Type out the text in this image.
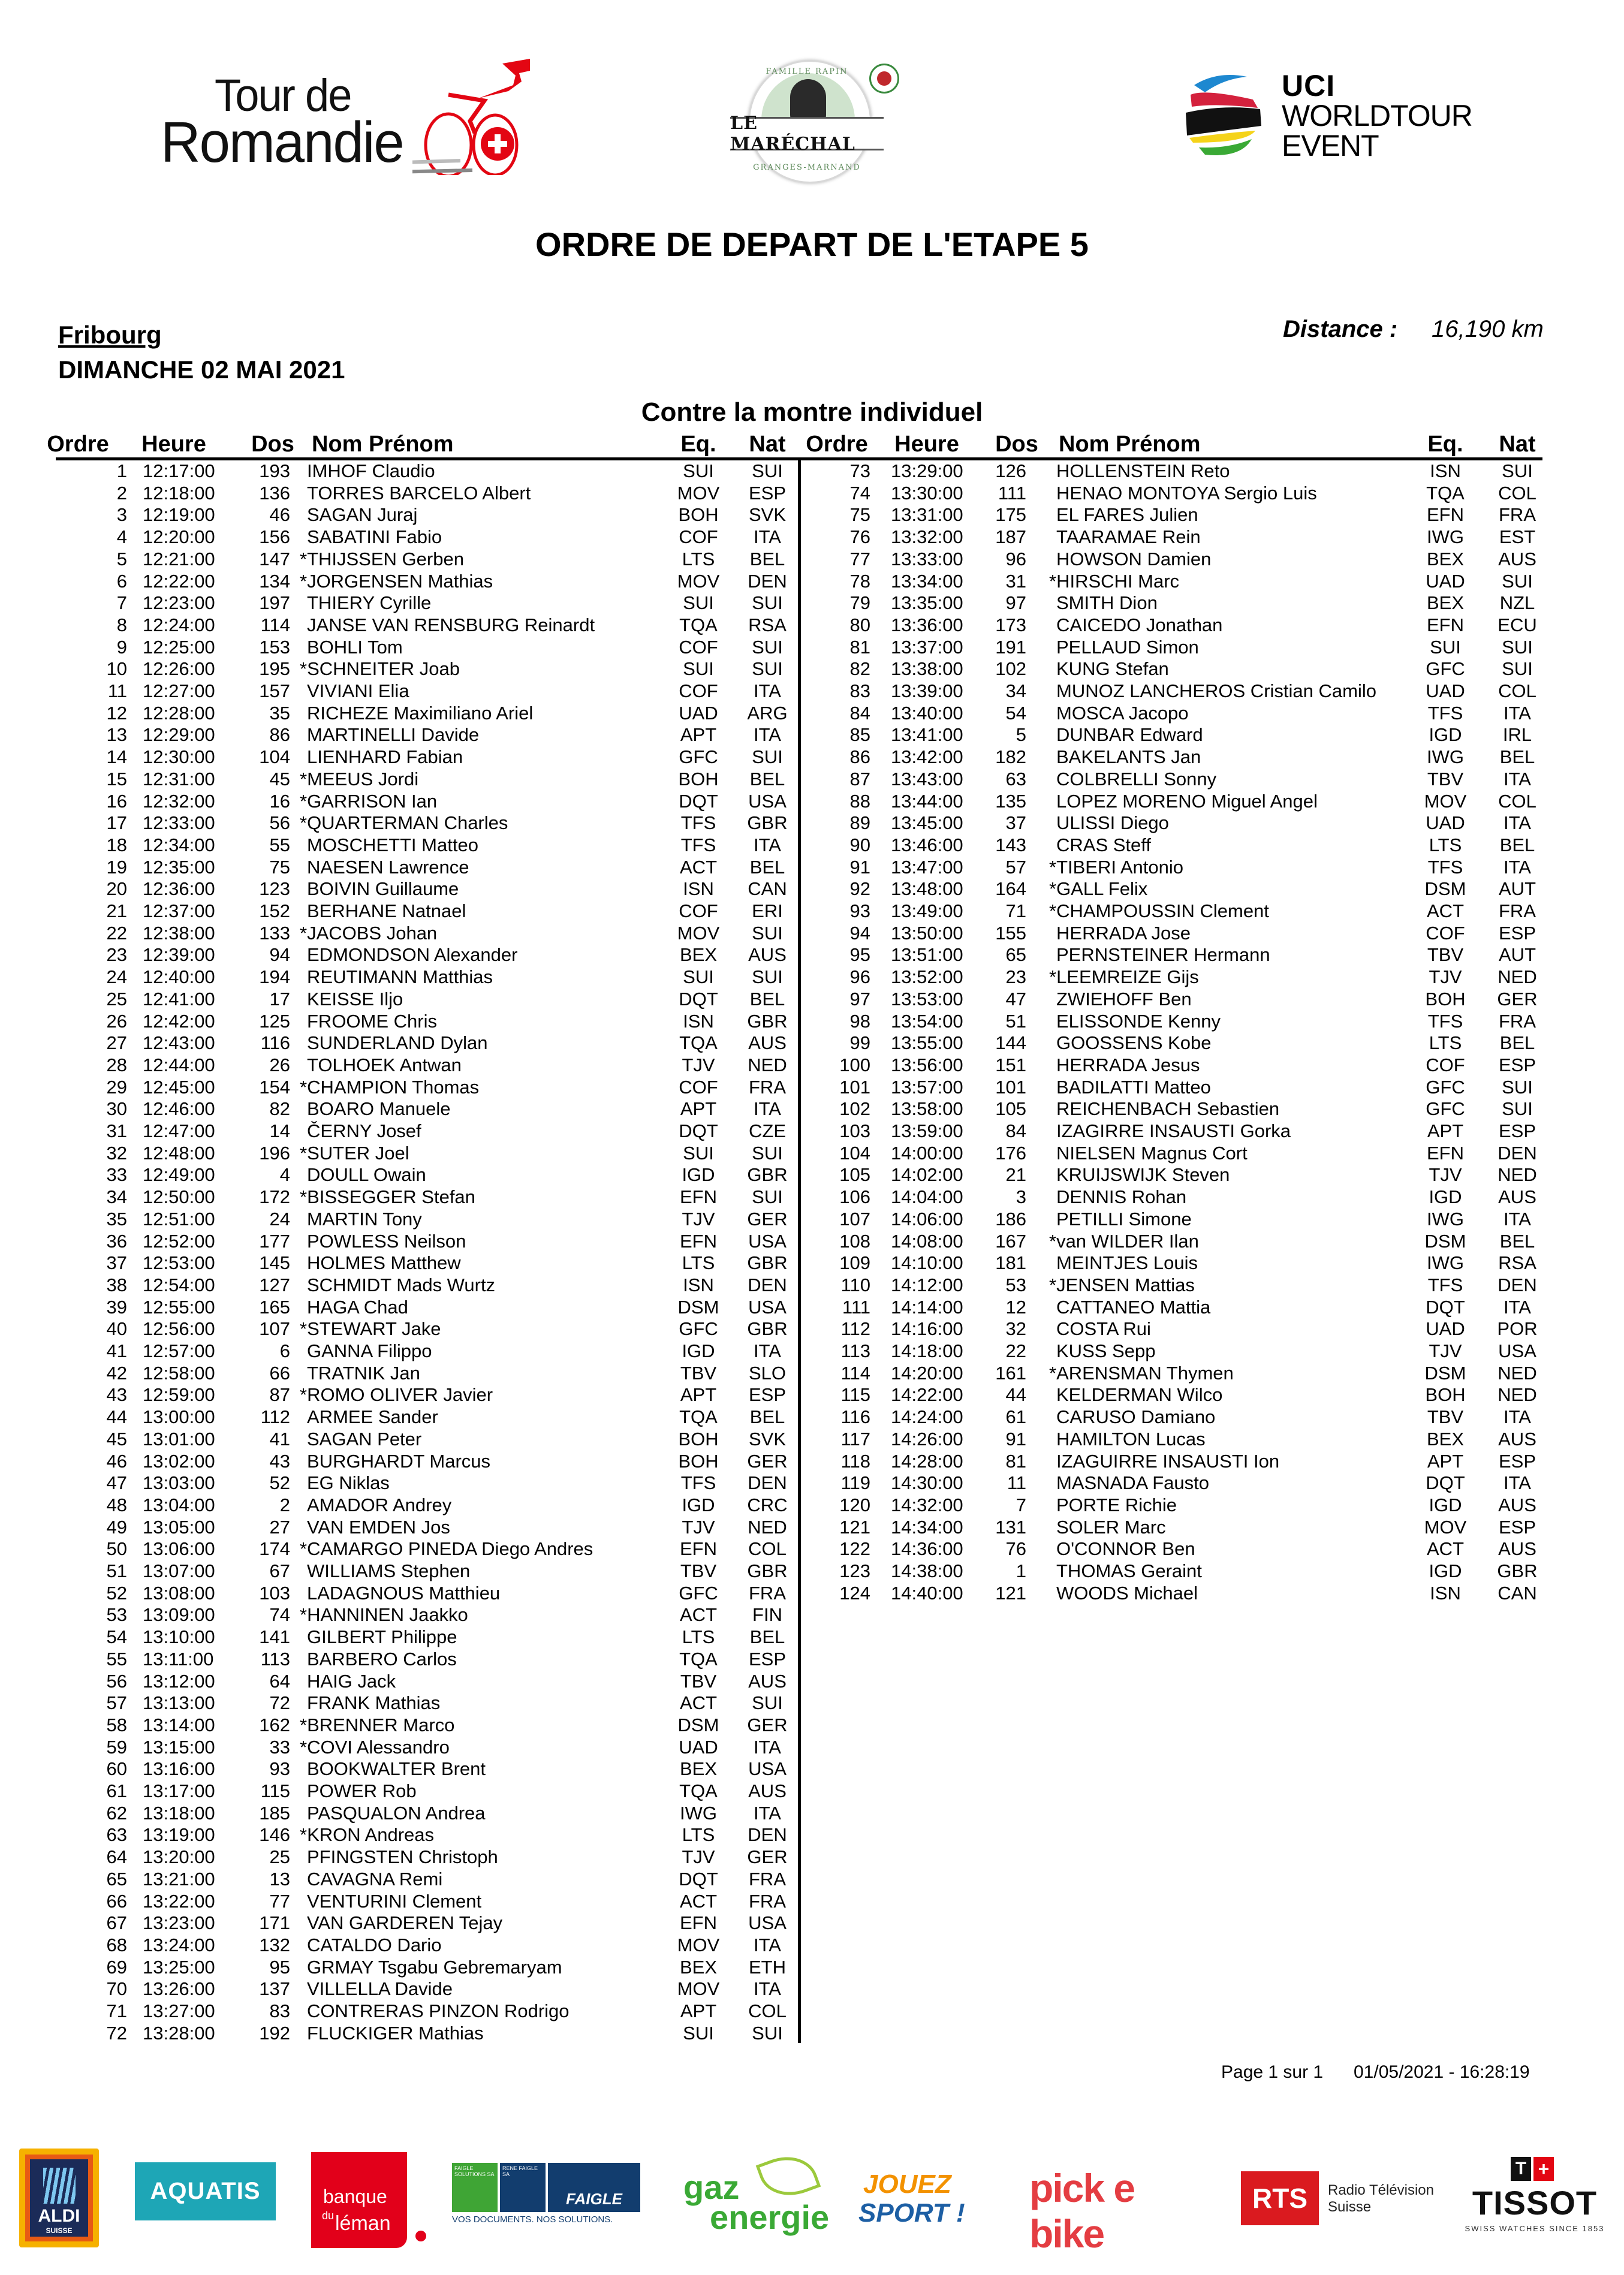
Tour de
Romandie
FAMILLE RAPIN
LE MARÉCHAL
GRANGES-MARNAND
UCI
WORLDTOUR
EVENT
ORDRE DE DEPART DE L'ETAPE 5
Fribourg
DIMANCHE 02 MAI 2021
Distance : 16,190 km
Contre la montre individuel
Ordre	Heure	Dos Nom Prénom	Eq.	Nat Ordre	Heure	Dos Nom Prénom	Eq.	Nat
1 12:17:00	193 IMHOF Claudio	SUI	SUI
2 12:18:00	136 TORRES BARCELO Albert	MOV	ESP
3 12:19:00	46 SAGAN Juraj	BOH	SVK
4 12:20:00	156 SABATINI Fabio	COF	ITA
5 12:21:00	147 *THIJSSEN Gerben	LTS	BEL
6 12:22:00	134 *JORGENSEN Mathias	MOV	DEN
7 12:23:00	197 THIERY Cyrille	SUI	SUI
8 12:24:00	114 JANSE VAN RENSBURG Reinardt	TQA	RSA
9 12:25:00	153 BOHLI Tom	COF	SUI
10 12:26:00	195 *SCHNEITER Joab	SUI	SUI
11 12:27:00	157 VIVIANI Elia	COF	ITA
12 12:28:00	35 RICHEZE Maximiliano Ariel	UAD	ARG
13 12:29:00	86 MARTINELLI Davide	APT	ITA
14 12:30:00	104 LIENHARD Fabian	GFC	SUI
15 12:31:00	45 *MEEUS Jordi	BOH	BEL
16 12:32:00	16 *GARRISON Ian	DQT	USA
17 12:33:00	56 *QUARTERMAN Charles	TFS	GBR
18 12:34:00	55 MOSCHETTI Matteo	TFS	ITA
19 12:35:00	75 NAESEN Lawrence	ACT	BEL
20 12:36:00	123 BOIVIN Guillaume	ISN	CAN
21 12:37:00	152 BERHANE Natnael	COF	ERI
22 12:38:00	133 *JACOBS Johan	MOV	SUI
23 12:39:00	94 EDMONDSON Alexander	BEX	AUS
24 12:40:00	194 REUTIMANN Matthias	SUI	SUI
25 12:41:00	17 KEISSE Iljo	DQT	BEL
26 12:42:00	125 FROOME Chris	ISN	GBR
27 12:43:00	116 SUNDERLAND Dylan	TQA	AUS
28 12:44:00	26 TOLHOEK Antwan	TJV	NED
29 12:45:00	154 *CHAMPION Thomas	COF	FRA
30 12:46:00	82 BOARO Manuele	APT	ITA
31 12:47:00	14 ČERNY Josef	DQT	CZE
32 12:48:00	196 *SUTER Joel	SUI	SUI
33 12:49:00	4 DOULL Owain	IGD	GBR
34 12:50:00	172 *BISSEGGER Stefan	EFN	SUI
35 12:51:00	24 MARTIN Tony	TJV	GER
36 12:52:00	177 POWLESS Neilson	EFN	USA
37 12:53:00	145 HOLMES Matthew	LTS	GBR
38 12:54:00	127 SCHMIDT Mads Wurtz	ISN	DEN
39 12:55:00	165 HAGA Chad	DSM	USA
40 12:56:00	107 *STEWART Jake	GFC	GBR
41 12:57:00	6 GANNA Filippo	IGD	ITA
42 12:58:00	66 TRATNIK Jan	TBV	SLO
43 12:59:00	87 *ROMO OLIVER Javier	APT	ESP
44 13:00:00	112 ARMEE Sander	TQA	BEL
45 13:01:00	41 SAGAN Peter	BOH	SVK
46 13:02:00	43 BURGHARDT Marcus	BOH	GER
47 13:03:00	52 EG Niklas	TFS	DEN
48 13:04:00	2 AMADOR Andrey	IGD	CRC
49 13:05:00	27 VAN EMDEN Jos	TJV	NED
50 13:06:00	174 *CAMARGO PINEDA Diego Andres	EFN	COL
51 13:07:00	67 WILLIAMS Stephen	TBV	GBR
52 13:08:00	103 LADAGNOUS Matthieu	GFC	FRA
53 13:09:00	74 *HANNINEN Jaakko	ACT	FIN
54 13:10:00	141 GILBERT Philippe	LTS	BEL
55 13:11:00	113 BARBERO Carlos	TQA	ESP
56 13:12:00	64 HAIG Jack	TBV	AUS
57 13:13:00	72 FRANK Mathias	ACT	SUI
58 13:14:00	162 *BRENNER Marco	DSM	GER
59 13:15:00	33 *COVI Alessandro	UAD	ITA
60 13:16:00	93 BOOKWALTER Brent	BEX	USA
61 13:17:00	115 POWER Rob	TQA	AUS
62 13:18:00	185 PASQUALON Andrea	IWG	ITA
63 13:19:00	146 *KRON Andreas	LTS	DEN
64 13:20:00	25 PFINGSTEN Christoph	TJV	GER
65 13:21:00	13 CAVAGNA Remi	DQT	FRA
66 13:22:00	77 VENTURINI Clement	ACT	FRA
67 13:23:00	171 VAN GARDEREN Tejay	EFN	USA
68 13:24:00	132 CATALDO Dario	MOV	ITA
69 13:25:00	95 GRMAY Tsgabu Gebremaryam	BEX	ETH
70 13:26:00	137 VILLELLA Davide	MOV	ITA
71 13:27:00	83 CONTRERAS PINZON Rodrigo	APT	COL
72 13:28:00	192 FLUCKIGER Mathias	SUI	SUI
73 13:29:00	126 HOLLENSTEIN Reto	ISN	SUI
74 13:30:00	111 HENAO MONTOYA Sergio Luis	TQA	COL
75 13:31:00	175 EL FARES Julien	EFN	FRA
76 13:32:00	187 TAARAMAE Rein	IWG	EST
77 13:33:00	96 HOWSON Damien	BEX	AUS
78 13:34:00	31 *HIRSCHI Marc	UAD	SUI
79 13:35:00	97 SMITH Dion	BEX	NZL
80 13:36:00	173 CAICEDO Jonathan	EFN	ECU
81 13:37:00	191 PELLAUD Simon	SUI	SUI
82 13:38:00	102 KUNG Stefan	GFC	SUI
83 13:39:00	34 MUNOZ LANCHEROS Cristian Camilo	UAD	COL
84 13:40:00	54 MOSCA Jacopo	TFS	ITA
85 13:41:00	5 DUNBAR Edward	IGD	IRL
86 13:42:00	182 BAKELANTS Jan	IWG	BEL
87 13:43:00	63 COLBRELLI Sonny	TBV	ITA
88 13:44:00	135 LOPEZ MORENO Miguel Angel	MOV	COL
89 13:45:00	37 ULISSI Diego	UAD	ITA
90 13:46:00	143 CRAS Steff	LTS	BEL
91 13:47:00	57 *TIBERI Antonio	TFS	ITA
92 13:48:00	164 *GALL Felix	DSM	AUT
93 13:49:00	71 *CHAMPOUSSIN Clement	ACT	FRA
94 13:50:00	155 HERRADA Jose	COF	ESP
95 13:51:00	65 PERNSTEINER Hermann	TBV	AUT
96 13:52:00	23 *LEEMREIZE Gijs	TJV	NED
97 13:53:00	47 ZWIEHOFF Ben	BOH	GER
98 13:54:00	51 ELISSONDE Kenny	TFS	FRA
99 13:55:00	144 GOOSSENS Kobe	LTS	BEL
100 13:56:00	151 HERRADA Jesus	COF	ESP
101 13:57:00	101 BADILATTI Matteo	GFC	SUI
102 13:58:00	105 REICHENBACH Sebastien	GFC	SUI
103 13:59:00	84 IZAGIRRE INSAUSTI Gorka	APT	ESP
104 14:00:00	176 NIELSEN Magnus Cort	EFN	DEN
105 14:02:00	21 KRUIJSWIJK Steven	TJV	NED
106 14:04:00	3 DENNIS Rohan	IGD	AUS
107 14:06:00	186 PETILLI Simone	IWG	ITA
108 14:08:00	167 *van WILDER Ilan	DSM	BEL
109 14:10:00	181 MEINTJES Louis	IWG	RSA
110 14:12:00	53 *JENSEN Mattias	TFS	DEN
111 14:14:00	12 CATTANEO Mattia	DQT	ITA
112 14:16:00	32 COSTA Rui	UAD	POR
113 14:18:00	22 KUSS Sepp	TJV	USA
114 14:20:00	161 *ARENSMAN Thymen	DSM	NED
115 14:22:00	44 KELDERMAN Wilco	BOH	NED
116 14:24:00	61 CARUSO Damiano	TBV	ITA
117 14:26:00	91 HAMILTON Lucas	BEX	AUS
118 14:28:00	81 IZAGUIRRE INSAUSTI Ion	APT	ESP
119 14:30:00	11 MASNADA Fausto	DQT	ITA
120 14:32:00	7 PORTE Richie	IGD	AUS
121 14:34:00	131 SOLER Marc	MOV	ESP
122 14:36:00	76 O'CONNOR Ben	ACT	AUS
123 14:38:00	1 THOMAS Geraint	IGD	GBR
124 14:40:00	121 WOODS Michael	ISN	CAN
Page 1 sur 1 01/05/2021 - 16:28:19
ALDI
SUISSE
AQUATIS	banque
du léman
FAIGLE SOLUTIONS SA
RENE FAIGLE SA
FAIGLE
VOS DOCUMENTS. NOS SOLUTIONS.
gaz
energie
JOUEZ
SPORT !
pick e bike
RTS	Radio Télévision
Suisse
T +
TISSOT
SWISS WATCHES SINCE 1853
